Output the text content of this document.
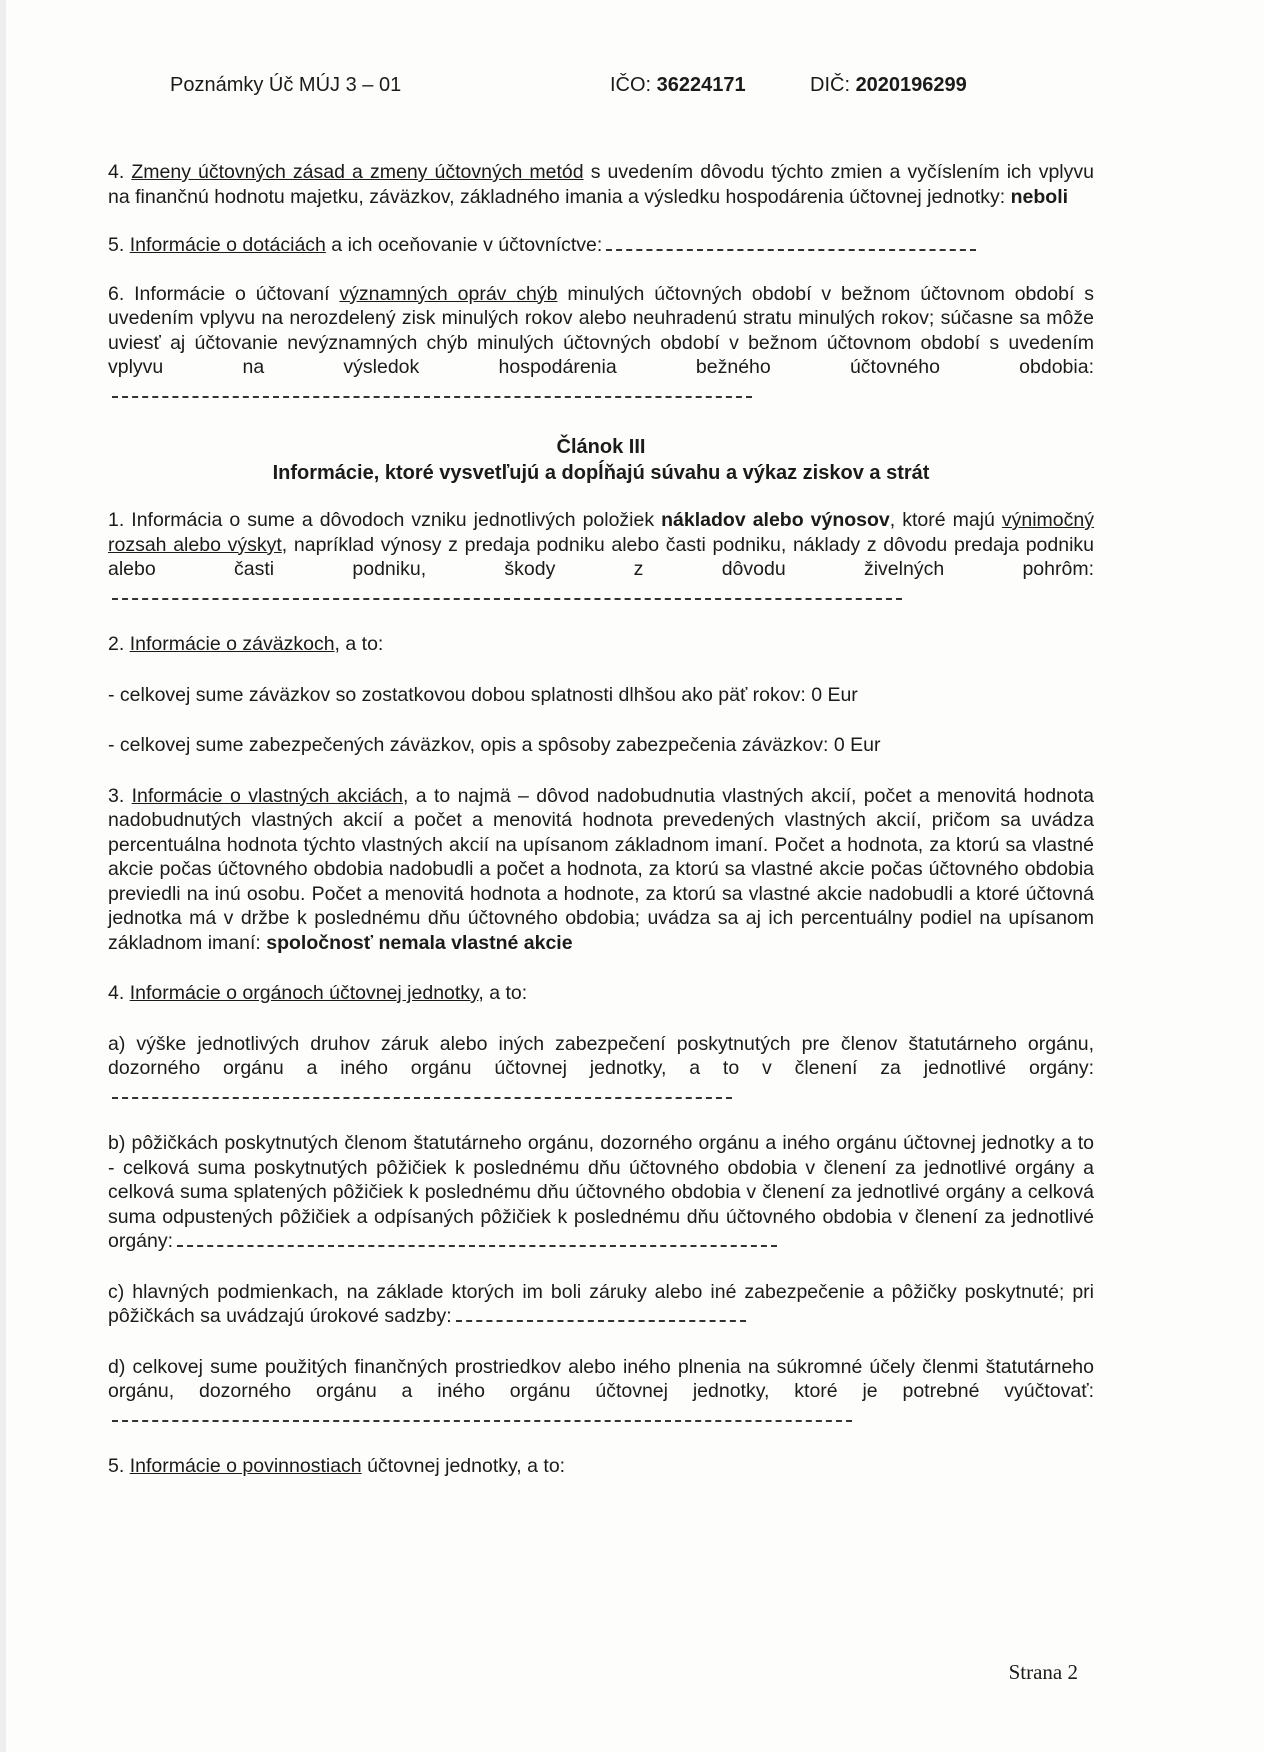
Poznámky Úč MÚJ 3 – 01	IČO: 36224171	DIČ: 2020196299

4. Zmeny účtovných zásad a zmeny účtovných metód s uvedením dôvodu týchto zmien a vyčíslením ich vplyvu na finančnú hodnotu majetku, záväzkov, základného imania a výsledku hospodárenia účtovnej jednotky: neboli

5. Informácie o dotáciách a ich oceňovanie v účtovníctve:

6. Informácie o účtovaní významných opráv chýb minulých účtovných období v bežnom účtovnom období s uvedením vplyvu na nerozdelený zisk minulých rokov alebo neuhradenú stratu minulých rokov; súčasne sa môže uviesť aj účtovanie nevýznamných chýb minulých účtovných období v bežnom účtovnom období s uvedením vplyvu na výsledok hospodárenia bežného účtovného obdobia:

Článok III
Informácie, ktoré vysvetľujú a dopĺňajú súvahu a výkaz ziskov a strát

1. Informácia o sume a dôvodoch vzniku jednotlivých položiek nákladov alebo výnosov, ktoré majú výnimočný rozsah alebo výskyt, napríklad výnosy z predaja podniku alebo časti podniku, náklady z dôvodu predaja podniku alebo časti podniku, škody z dôvodu živelných pohrôm:

2. Informácie o záväzkoch, a to:

- celkovej sume záväzkov so zostatkovou dobou splatnosti dlhšou ako päť rokov: 0 Eur

- celkovej sume zabezpečených záväzkov, opis a spôsoby zabezpečenia záväzkov: 0 Eur

3. Informácie o vlastných akciách, a to najmä – dôvod nadobudnutia vlastných akcií, počet a menovitá hodnota nadobudnutých vlastných akcií a počet a menovitá hodnota prevedených vlastných akcií, pričom sa uvádza percentuálna hodnota týchto vlastných akcií na upísanom základnom imaní. Počet a hodnota, za ktorú sa vlastné akcie počas účtovného obdobia nadobudli a počet a hodnota, za ktorú sa vlastné akcie počas účtovného obdobia previedli na inú osobu. Počet a menovitá hodnota a hodnote, za ktorú sa vlastné akcie nadobudli a ktoré účtovná jednotka má v držbe k poslednému dňu účtovného obdobia; uvádza sa aj ich percentuálny podiel na upísanom základnom imaní: spoločnosť nemala vlastné akcie

4. Informácie o orgánoch účtovnej jednotky, a to:

a) výške jednotlivých druhov záruk alebo iných zabezpečení poskytnutých pre členov štatutárneho orgánu, dozorného orgánu a iného orgánu účtovnej jednotky, a to v členení za jednotlivé orgány:

b) pôžičkách poskytnutých členom štatutárneho orgánu, dozorného orgánu a iného orgánu účtovnej jednotky a to - celková suma poskytnutých pôžičiek k poslednému dňu účtovného obdobia v členení za jednotlivé orgány a celková suma splatených pôžičiek k poslednému dňu účtovného obdobia v členení za jednotlivé orgány a celková suma odpustených pôžičiek a odpísaných pôžičiek k poslednému dňu účtovného obdobia v členení za jednotlivé orgány:

c) hlavných podmienkach, na základe ktorých im boli záruky alebo iné zabezpečenie a pôžičky poskytnuté; pri pôžičkách sa uvádzajú úrokové sadzby:

d) celkovej sume použitých finančných prostriedkov alebo iného plnenia na súkromné účely členmi štatutárneho orgánu, dozorného orgánu a iného orgánu účtovnej jednotky, ktoré je potrebné vyúčtovať:

5. Informácie o povinnostiach účtovnej jednotky, a to:

Strana 2
